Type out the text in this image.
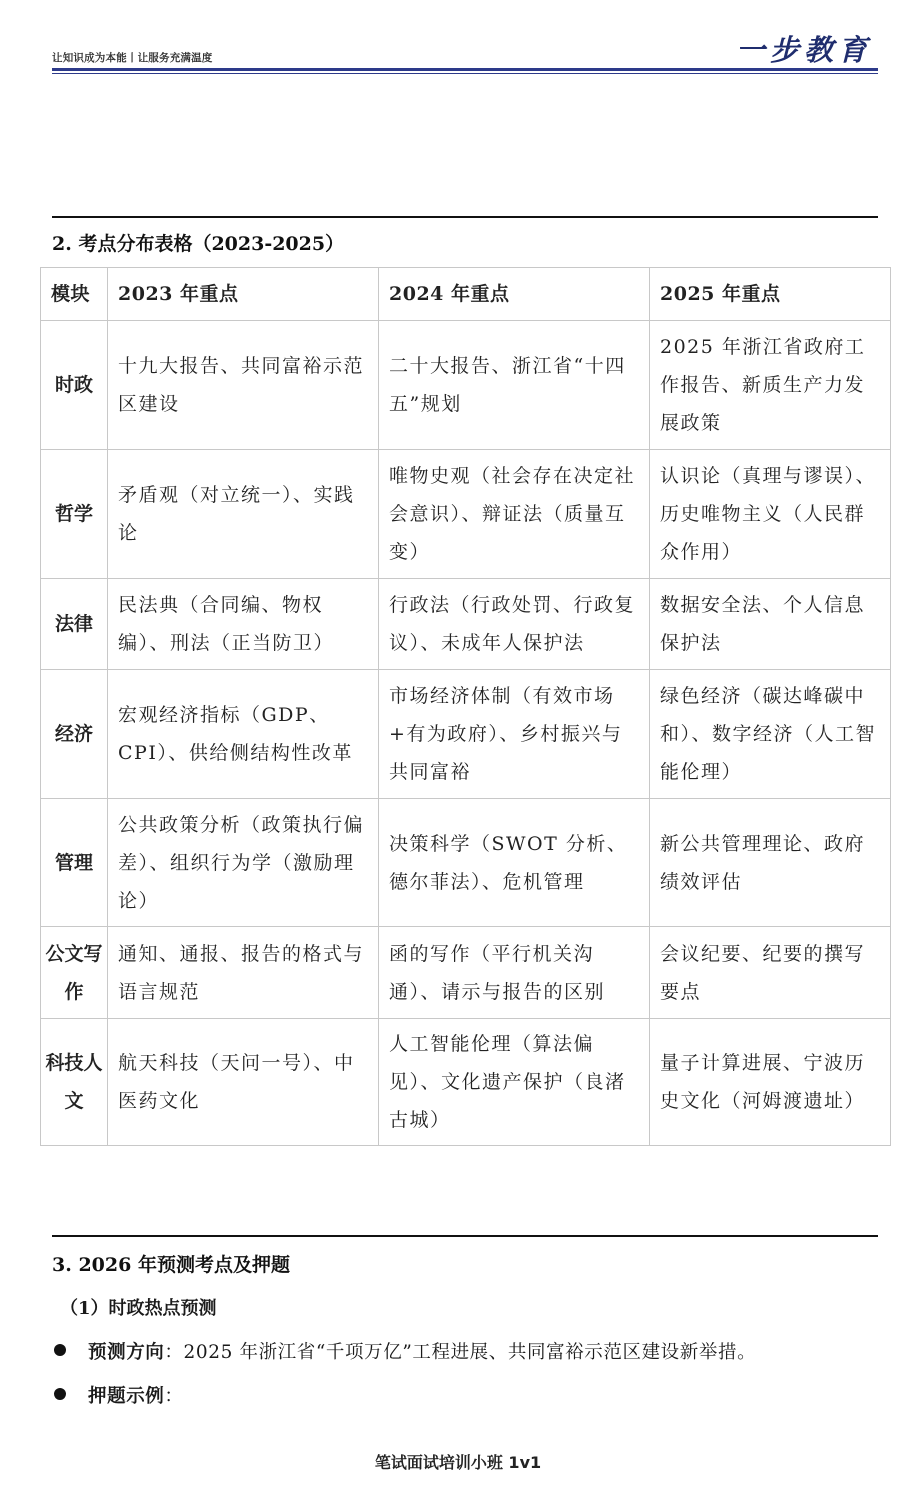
让知识成为本能丨让服务充满温度	一步教育
2. 考点分布表格（2023-2025）
模块	2023 年重点	2024 年重点	2025 年重点
时政	十九大报告、共同富裕示范区建设	二十大报告、浙江省“十四五”规划	2025 年浙江省政府工作报告、新质生产力发展政策
哲学	矛盾观（对立统一）、实践论	唯物史观（社会存在决定社会意识）、辩证法（质量互变）	认识论（真理与谬误）、历史唯物主义（人民群众作用）
法律	民法典（合同编、物权编）、刑法（正当防卫）	行政法（行政处罚、行政复议）、未成年人保护法	数据安全法、个人信息保护法
经济	宏观经济指标（GDP、CPI）、供给侧结构性改革	市场经济体制（有效市场+有为政府）、乡村振兴与共同富裕	绿色经济（碳达峰碳中和）、数字经济（人工智能伦理）
管理	公共政策分析（政策执行偏差）、组织行为学（激励理论）	决策科学（SWOT 分析、德尔菲法）、危机管理	新公共管理理论、政府绩效评估
公文写作	通知、通报、报告的格式与语言规范	函的写作（平行机关沟通）、请示与报告的区别	会议纪要、纪要的撰写要点
科技人文	航天科技（天问一号）、中医药文化	人工智能伦理（算法偏见）、文化遗产保护（良渚古城）	量子计算进展、宁波历史文化（河姆渡遗址）
3. 2026 年预测考点及押题
（1）时政热点预测
预测方向：2025 年浙江省“千项万亿”工程进展、共同富裕示范区建设新举措。
押题示例：
笔试面试培训小班 1v1
